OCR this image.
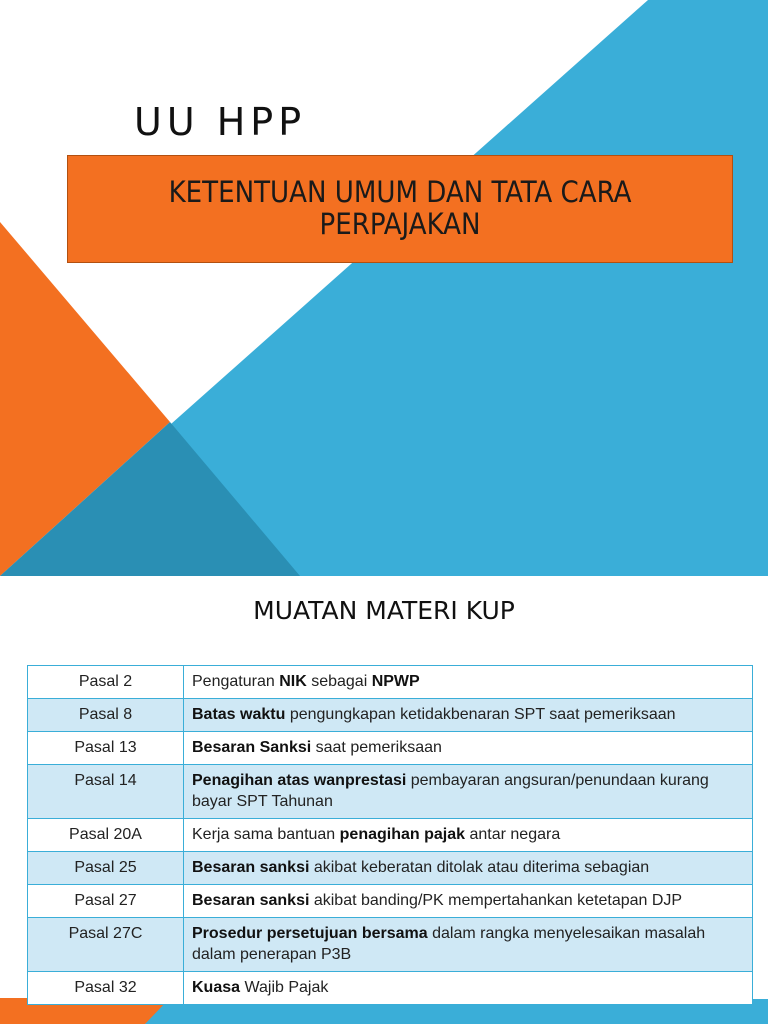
UU HPP
KETENTUAN UMUM DAN TATA CARA PERPAJAKAN
MUATAN MATERI KUP
Pasal 2	Pengaturan NIK sebagai NPWP
Pasal 8	Batas waktu pengungkapan ketidakbenaran SPT saat pemeriksaan
Pasal 13	Besaran Sanksi saat pemeriksaan
Pasal 14	Penagihan atas wanprestasi pembayaran angsuran/penundaan kurang bayar SPT Tahunan
Pasal 20A	Kerja sama bantuan penagihan pajak antar negara
Pasal 25	Besaran sanksi akibat keberatan ditolak atau diterima sebagian
Pasal 27	Besaran sanksi akibat banding/PK mempertahankan ketetapan DJP
Pasal 27C	Prosedur persetujuan bersama dalam rangka menyelesaikan masalah dalam penerapan P3B
Pasal 32	Kuasa Wajib Pajak
